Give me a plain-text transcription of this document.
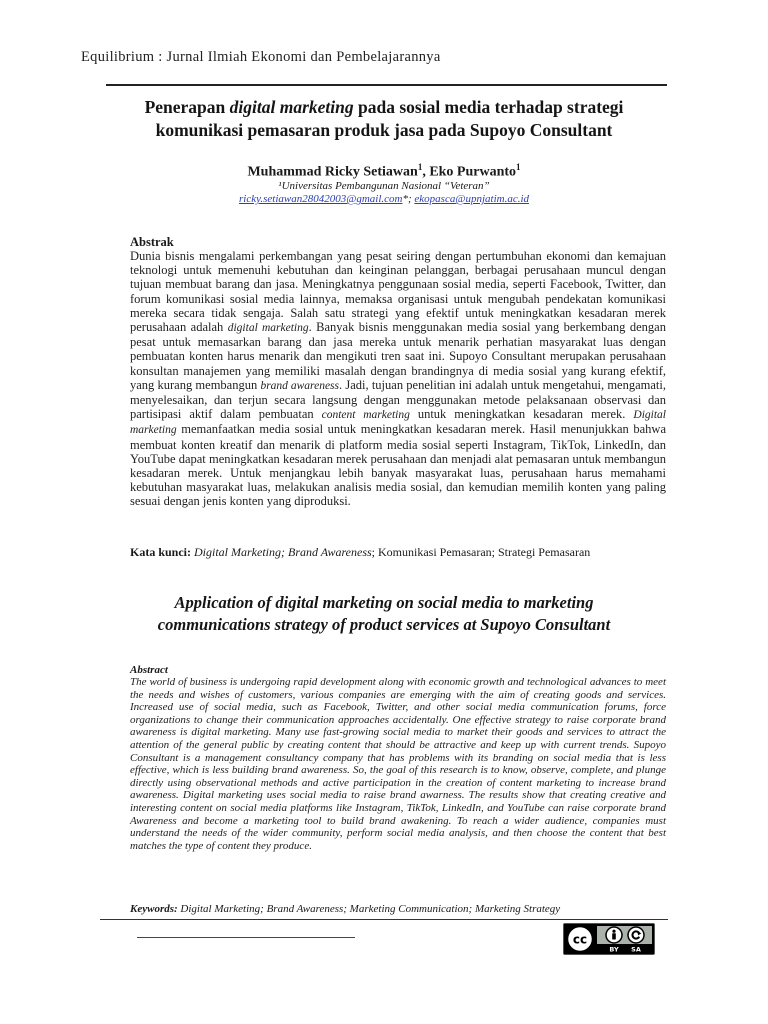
Equilibrium : Jurnal Ilmiah Ekonomi dan Pembelajarannya
Penerapan digital marketing pada sosial media terhadap strategi
komunikasi pemasaran produk jasa pada Supoyo Consultant
Muhammad Ricky Setiawan$^1$, Eko Purwanto$^1$
¹Universitas Pembangunan Nasional “Veteran”
ricky.setiawan28042003@gmail.com*; ekopasca@upnjatim.ac.id
Abstrak
Dunia bisnis mengalami perkembangan yang pesat seiring dengan pertumbuhan ekonomi dan kemajuan teknologi untuk memenuhi kebutuhan dan keinginan pelanggan, berbagai perusahaan muncul dengan tujuan membuat barang dan jasa. Meningkatnya penggunaan sosial media, seperti Facebook, Twitter, dan forum komunikasi sosial media lainnya, memaksa organisasi untuk mengubah pendekatan komunikasi mereka secara tidak sengaja. Salah satu strategi yang efektif untuk meningkatkan kesadaran merek perusahaan adalah digital marketing. Banyak bisnis menggunakan media sosial yang berkembang dengan pesat untuk memasarkan barang dan jasa mereka untuk menarik perhatian masyarakat luas dengan pembuatan konten harus menarik dan mengikuti tren saat ini. Supoyo Consultant merupakan perusahaan konsultan manajemen yang memiliki masalah dengan brandingnya di media sosial yang kurang efektif, yang kurang membangun brand awareness. Jadi, tujuan penelitian ini adalah untuk mengetahui, mengamati, menyelesaikan, dan terjun secara langsung dengan menggunakan metode pelaksanaan observasi dan partisipasi aktif dalam pembuatan content marketing untuk meningkatkan kesadaran merek. Digital marketing memanfaatkan media sosial untuk meningkatkan kesadaran merek. Hasil menunjukkan bahwa membuat konten kreatif dan menarik di platform media sosial seperti Instagram, TikTok, LinkedIn, dan YouTube dapat meningkatkan kesadaran merek perusahaan dan menjadi alat pemasaran untuk membangun kesadaran merek. Untuk menjangkau lebih banyak masyarakat luas, perusahaan harus memahami kebutuhan masyarakat luas, melakukan analisis media sosial, dan kemudian memilih konten yang paling sesuai dengan jenis konten yang diproduksi.
Kata kunci: Digital Marketing; Brand Awareness; Komunikasi Pemasaran; Strategi Pemasaran
Application of digital marketing on social media to marketing
communications strategy of product services at Supoyo Consultant
Abstract
The world of business is undergoing rapid development along with economic growth and technological advances to meet the needs and wishes of customers, various companies are emerging with the aim of creating goods and services. Increased use of social media, such as Facebook, Twitter, and other social media communication forums, force organizations to change their communication approaches accidentally. One effective strategy to raise corporate brand awareness is digital marketing. Many use fast-growing social media to market their goods and services to attract the attention of the general public by creating content that should be attractive and keep up with current trends. Supoyo Consultant is a management consultancy company that has problems with its branding on social media that is less effective, which is less building brand awareness. So, the goal of this research is to know, observe, complete, and plunge directly using observational methods and active participation in the creation of content marketing to increase brand awareness. Digital marketing uses social media to raise brand awarness. The results show that creating creative and interesting content on social media platforms like Instagram, TikTok, LinkedIn, and YouTube can raise corporate brand Awareness and become a marketing tool to build brand awakening. To reach a wider audience, companies must understand the needs of the wider community, perform social media analysis, and then choose the content that best matches the type of content they produce.
Keywords: Digital Marketing; Brand Awareness; Marketing Communication; Marketing Strategy
cc
BY SA
